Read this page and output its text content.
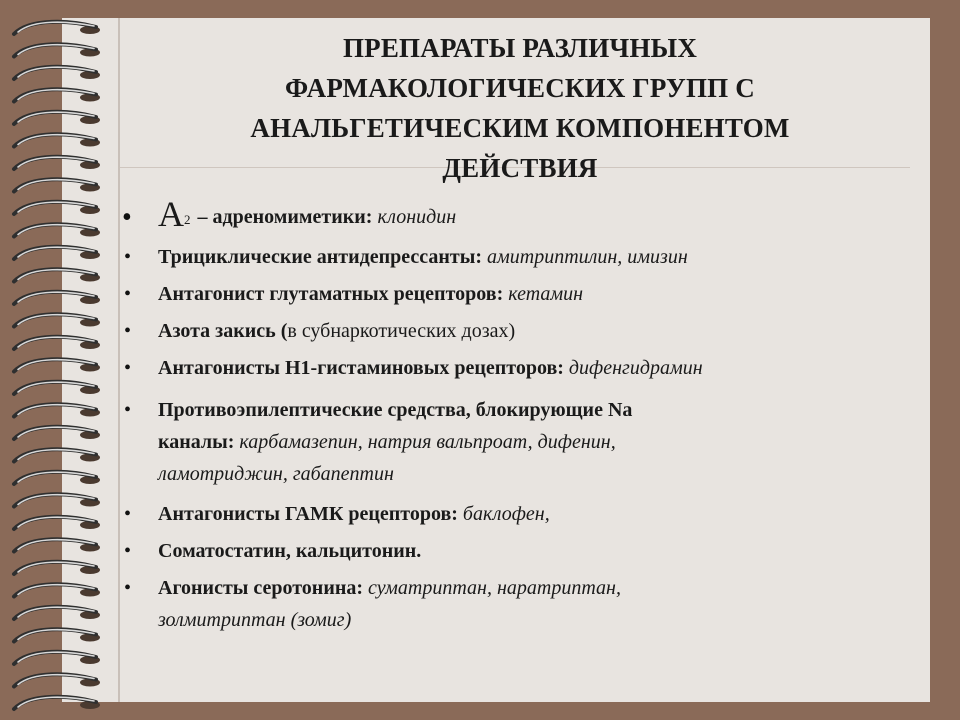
ПРЕПАРАТЫ РАЗЛИЧНЫХ
ФАРМАКОЛОГИЧЕСКИХ ГРУПП С
АНАЛЬГЕТИЧЕСКИМ КОМПОНЕНТОМ
ДЕЙСТВИЯ
• А2 – адреномиметики: клонидин
• Трициклические антидепрессанты: амитриптилин, имизин
• Антагонист глутаматных рецепторов: кетамин
• Азота закись (в субнаркотических дозах)
• Антагонисты Н1-гистаминовых рецепторов: дифенгидрамин
• Противоэпилептические средства, блокирующие Na
каналы: карбамазепин, натрия вальпроат, дифенин,
ламотриджин, габапептин
• Антагонисты ГАМК рецепторов: баклофен,
• Соматостатин, кальцитонин.
• Агонисты серотонина: суматриптан, наратриптан,
золмитриптан (зомиг)
